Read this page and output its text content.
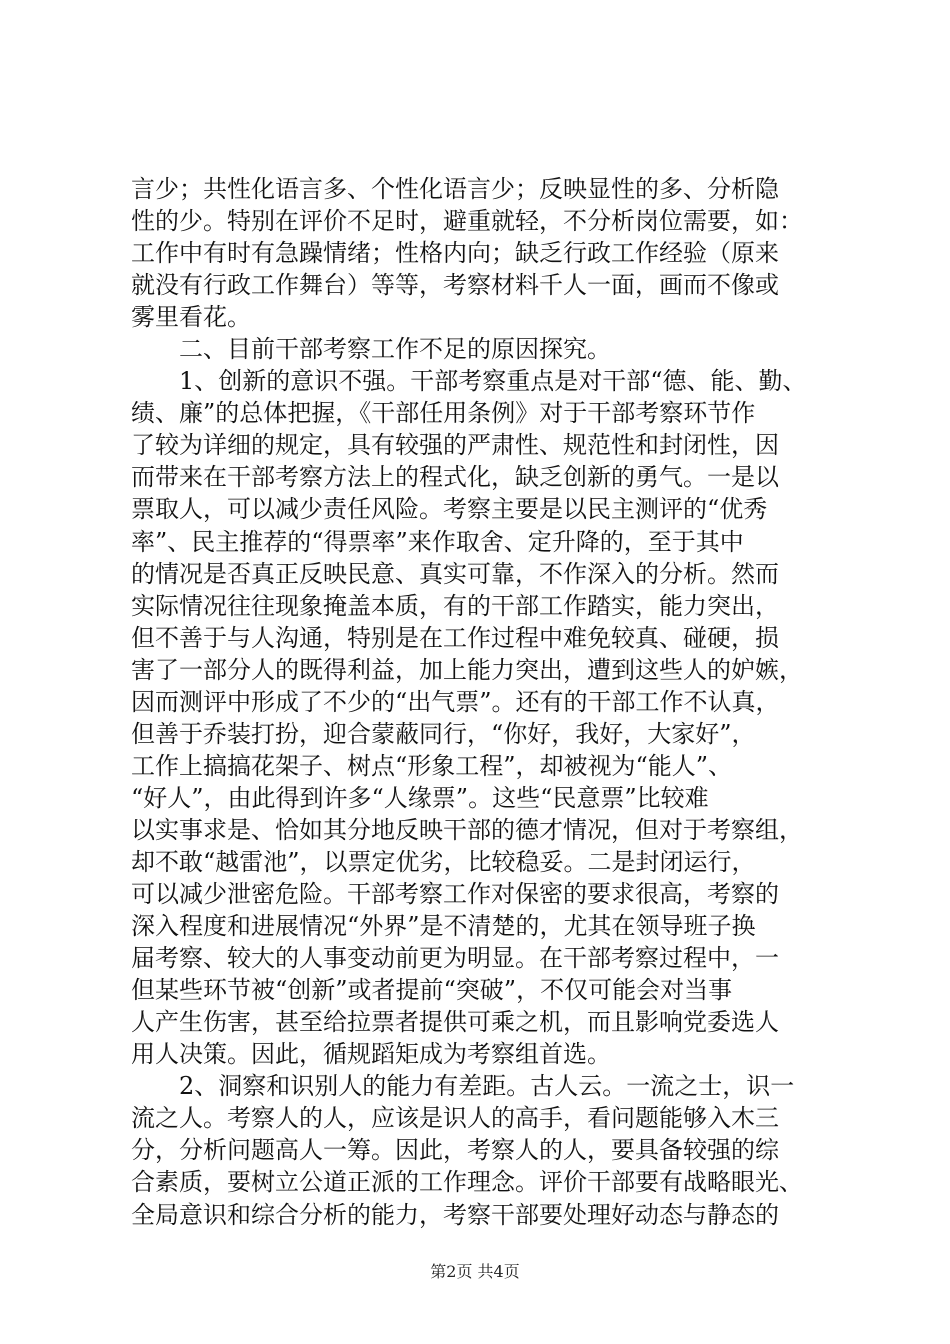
言少；共性化语言多、个性化语言少；反映显性的多、分析隐
性的少。特别在评价不足时，避重就轻，不分析岗位需要，如：
工作中有时有急躁情绪；性格内向；缺乏行政工作经验（原来
就没有行政工作舞台）等等，考察材料千人一面，画而不像或
雾里看花。
二、目前干部考察工作不足的原因探究。
1、创新的意识不强。干部考察重点是对干部“德、能、勤、
绩、廉”的总体把握，《干部任用条例》对于干部考察环节作
了较为详细的规定，具有较强的严肃性、规范性和封闭性，因
而带来在干部考察方法上的程式化，缺乏创新的勇气。一是以
票取人，可以减少责任风险。考察主要是以民主测评的“优秀
率”、民主推荐的“得票率”来作取舍、定升降的，至于其中
的情况是否真正反映民意、真实可靠，不作深入的分析。然而
实际情况往往现象掩盖本质，有的干部工作踏实，能力突出，
但不善于与人沟通，特别是在工作过程中难免较真、碰硬，损
害了一部分人的既得利益，加上能力突出，遭到这些人的妒嫉，
因而测评中形成了不少的“出气票”。还有的干部工作不认真，
但善于乔装打扮，迎合蒙蔽同行，“你好，我好，大家好”，
工作上搞搞花架子、树点“形象工程”，却被视为“能人”、
“好人”，由此得到许多“人缘票”。这些“民意票”比较难
以实事求是、恰如其分地反映干部的德才情况，但对于考察组，
却不敢“越雷池”，以票定优劣，比较稳妥。二是封闭运行，
可以减少泄密危险。干部考察工作对保密的要求很高，考察的
深入程度和进展情况“外界”是不清楚的，尤其在领导班子换
届考察、较大的人事变动前更为明显。在干部考察过程中，一
但某些环节被“创新”或者提前“突破”，不仅可能会对当事
人产生伤害，甚至给拉票者提供可乘之机，而且影响党委选人
用人决策。因此，循规蹈矩成为考察组首选。
2、洞察和识别人的能力有差距。古人云。一流之士，识一
流之人。考察人的人，应该是识人的高手，看问题能够入木三
分，分析问题高人一筹。因此，考察人的人，要具备较强的综
合素质，要树立公道正派的工作理念。评价干部要有战略眼光、
全局意识和综合分析的能力，考察干部要处理好动态与静态的
第2页 共4页
